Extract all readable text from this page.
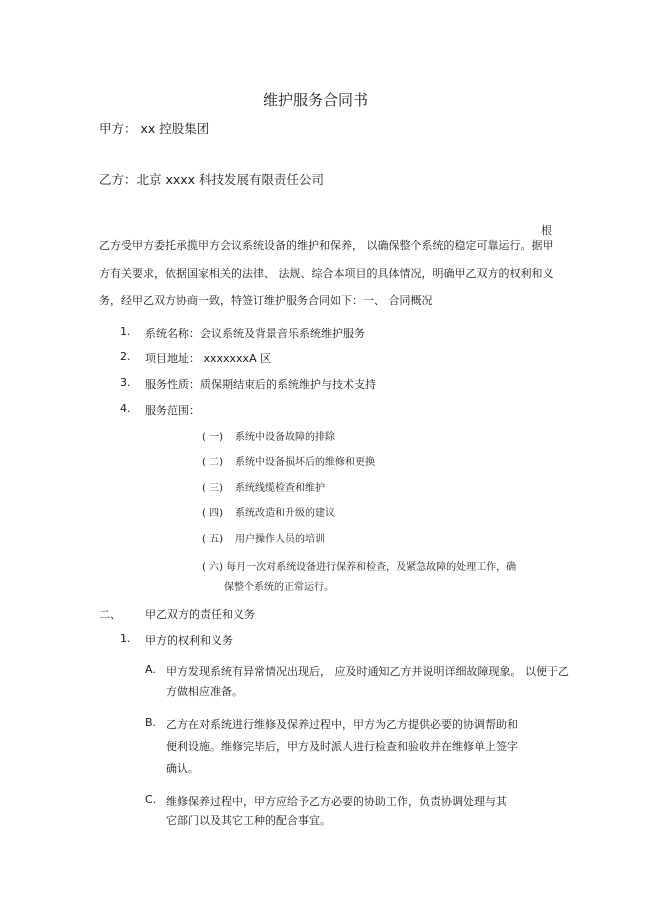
维护服务合同书
甲方： xx 控股集团
乙方：北京 xxxx 科技发展有限责任公司
根
乙方受甲方委托承揽甲方会议系统设备的维护和保养， 以确保整个系统的稳定可靠运行。据甲
方有关要求，依据国家相关的法律、 法规、综合本项目的具体情况，明确甲乙双方的权利和义
务，经甲乙双方协商一致，特签订维护服务合同如下：一、 合同概况
1. 系统名称：会议系统及背景音乐系统维护服务
2. 项目地址： xxxxxxxA 区
3. 服务性质：质保期结束后的系统维护与技术支持
4. 服务范围：
( 一) 系统中设备故障的排除
( 二) 系统中设备损坏后的维修和更换
( 三) 系统线缆检查和维护
( 四) 系统改造和升级的建议
( 五) 用户操作人员的培训
( 六) 每月一次对系统设备进行保养和检查，及紧急故障的处理工作，确
保整个系统的正常运行。
二、 甲乙双方的责任和义务
1. 甲方的权利和义务
A. 甲方发现系统有异常情况出现后， 应及时通知乙方并说明详细故障现象。 以便于乙
方做相应准备。
B. 乙方在对系统进行维修及保养过程中，甲方为乙方提供必要的协调帮助和
便利设施。维修完毕后，甲方及时派人进行检查和验收并在维修单上签字
确认。
C. 维修保养过程中，甲方应给予乙方必要的协助工作，负责协调处理与其
它部门以及其它工种的配合事宜。
